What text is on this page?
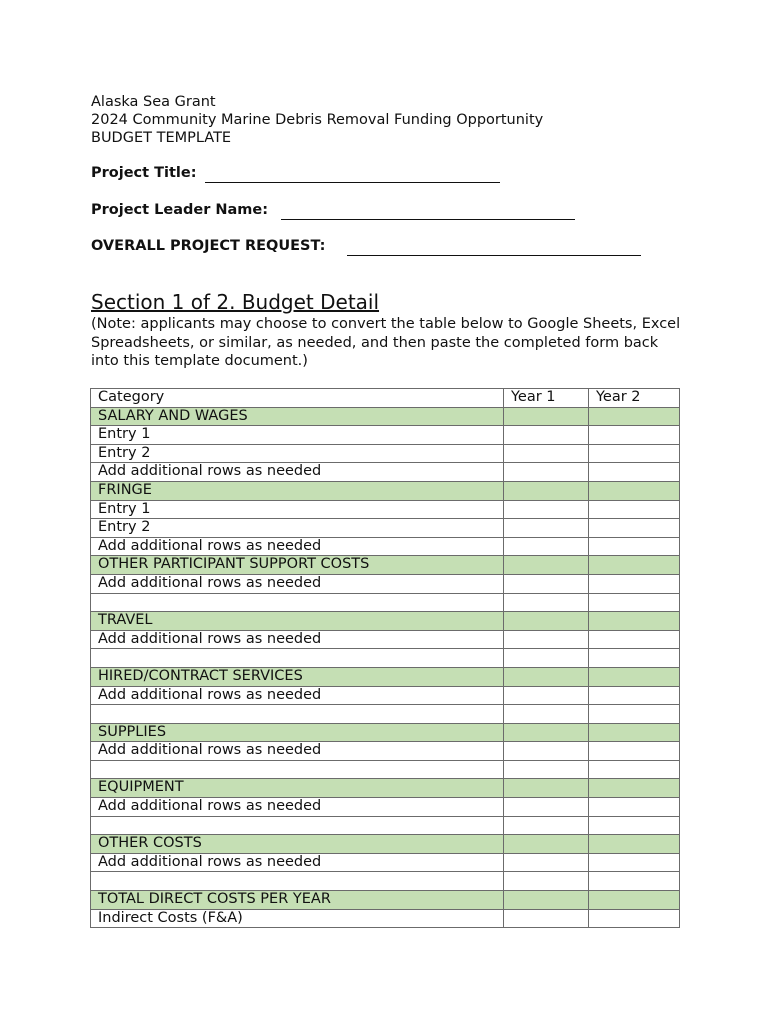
Alaska Sea Grant
2024 Community Marine Debris Removal Funding Opportunity
BUDGET TEMPLATE
Project Title:
Project Leader Name:
OVERALL PROJECT REQUEST:
Section 1 of 2. Budget Detail
(Note: applicants may choose to convert the table below to Google Sheets, Excel Spreadsheets, or similar, as needed, and then paste the completed form back into this template document.)
Category	Year 1	Year 2
SALARY AND WAGES		
Entry 1		
Entry 2		
Add additional rows as needed		
FRINGE		
Entry 1		
Entry 2		
Add additional rows as needed		
OTHER PARTICIPANT SUPPORT COSTS		
Add additional rows as needed		

TRAVEL		
Add additional rows as needed		

HIRED/CONTRACT SERVICES		
Add additional rows as needed		

SUPPLIES		
Add additional rows as needed		

EQUIPMENT		
Add additional rows as needed		

OTHER COSTS		
Add additional rows as needed		

TOTAL DIRECT COSTS PER YEAR		
Indirect Costs (F&A)		
